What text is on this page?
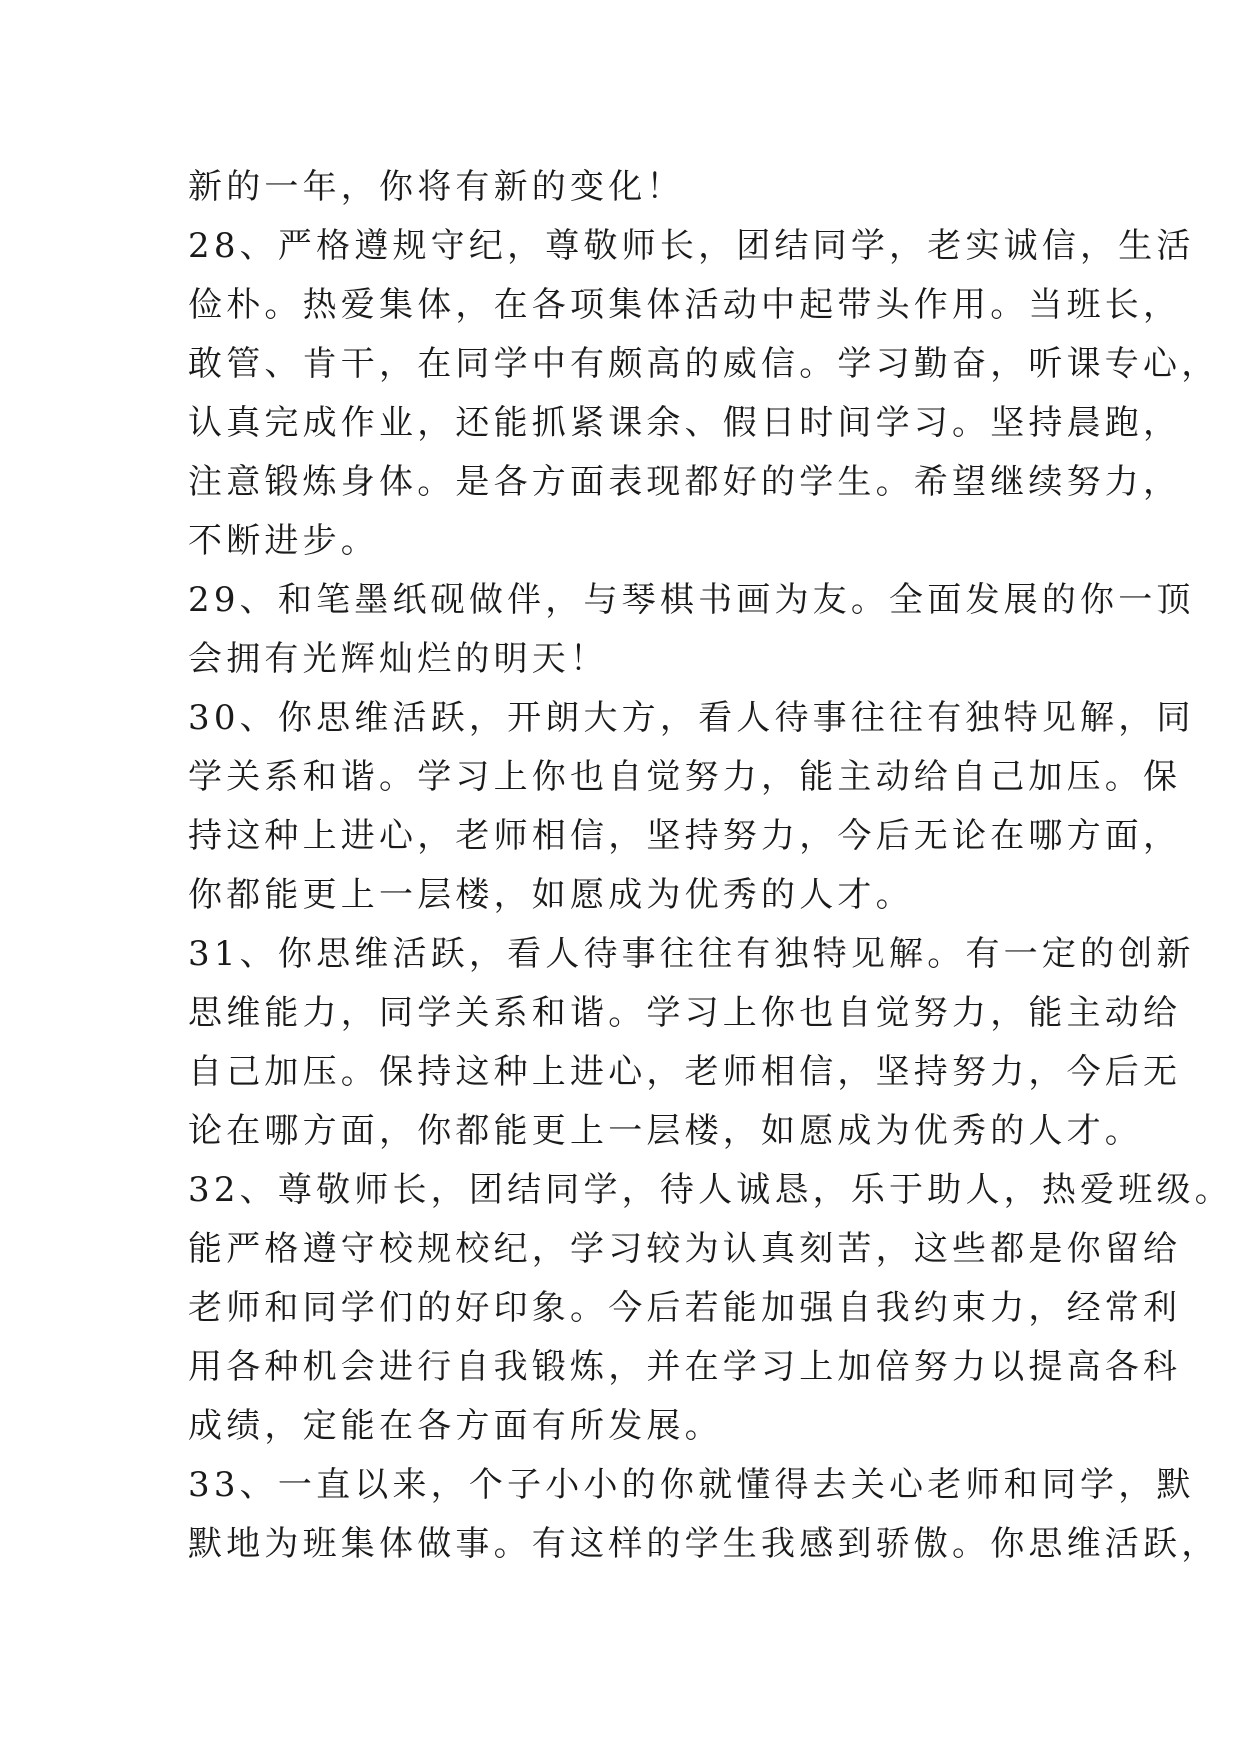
新的一年，你将有新的变化！
28、严格遵规守纪，尊敬师长，团结同学，老实诚信，生活
俭朴。热爱集体，在各项集体活动中起带头作用。当班长，
敢管、肯干，在同学中有颇高的威信。学习勤奋，听课专心，
认真完成作业，还能抓紧课余、假日时间学习。坚持晨跑，
注意锻炼身体。是各方面表现都好的学生。希望继续努力，
不断进步。
29、和笔墨纸砚做伴，与琴棋书画为友。全面发展的你一顶
会拥有光辉灿烂的明天！
30、你思维活跃，开朗大方，看人待事往往有独特见解，同
学关系和谐。学习上你也自觉努力，能主动给自己加压。保
持这种上进心，老师相信，坚持努力，今后无论在哪方面，
你都能更上一层楼，如愿成为优秀的人才。
31、你思维活跃，看人待事往往有独特见解。有一定的创新
思维能力，同学关系和谐。学习上你也自觉努力，能主动给
自己加压。保持这种上进心，老师相信，坚持努力，今后无
论在哪方面，你都能更上一层楼，如愿成为优秀的人才。
32、尊敬师长，团结同学，待人诚恳，乐于助人，热爱班级。
能严格遵守校规校纪，学习较为认真刻苦，这些都是你留给
老师和同学们的好印象。今后若能加强自我约束力，经常利
用各种机会进行自我锻炼，并在学习上加倍努力以提高各科
成绩，定能在各方面有所发展。
33、一直以来，个子小小的你就懂得去关心老师和同学，默
默地为班集体做事。有这样的学生我感到骄傲。你思维活跃，
